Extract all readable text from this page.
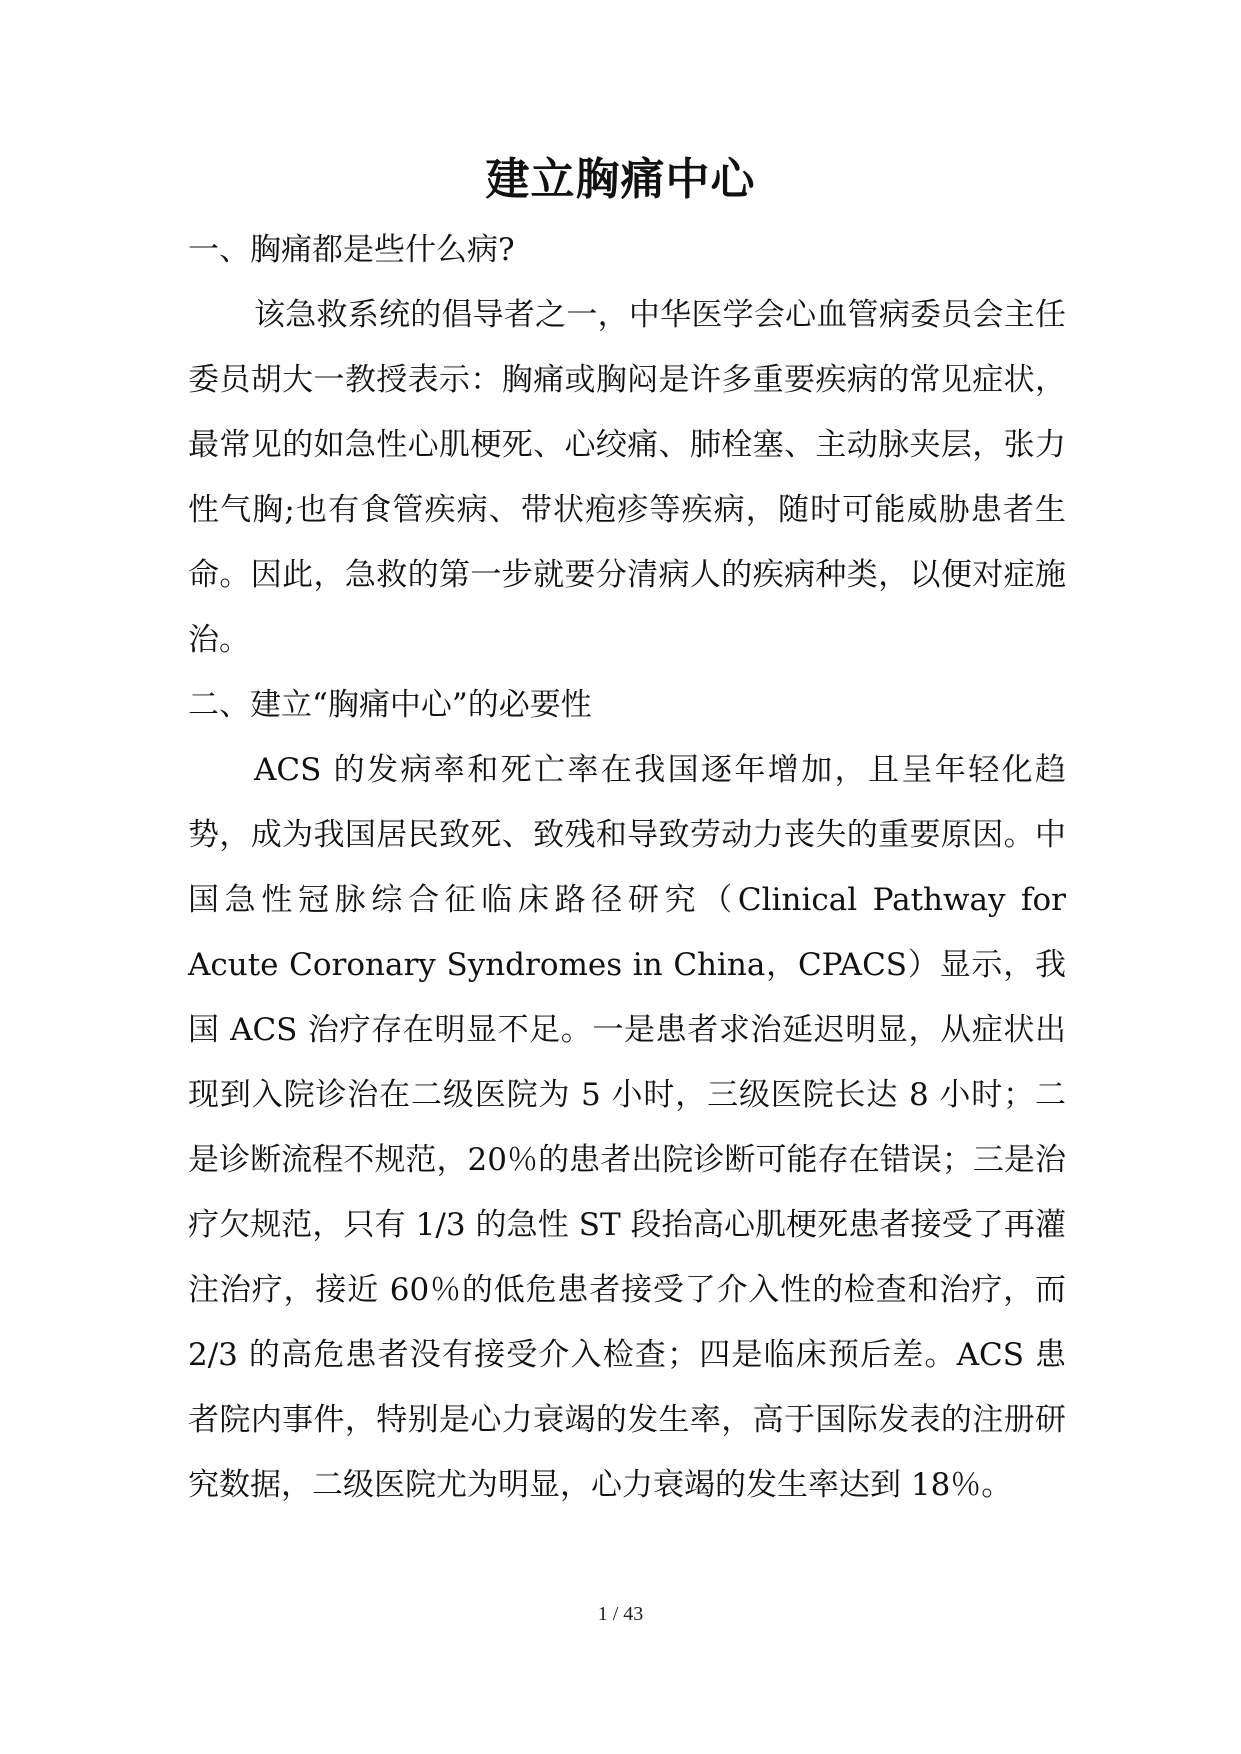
建立胸痛中心
一、胸痛都是些什么病?

该急救系统的倡导者之一，中华医学会心血管病委员会主任委员胡大一教授表示：胸痛或胸闷是许多重要疾病的常见症状，最常见的如急性心肌梗死、心绞痛、肺栓塞、主动脉夹层，张力性气胸;也有食管疾病、带状疱疹等疾病，随时可能威胁患者生命。因此，急救的第一步就要分清病人的疾病种类，以便对症施治。

二、建立“胸痛中心”的必要性

ACS 的发病率和死亡率在我国逐年增加，且呈年轻化趋势，成为我国居民致死、致残和导致劳动力丧失的重要原因。中国急性冠脉综合征临床路径研究（Clinical Pathway for Acute Coronary Syndromes in China，CPACS）显示，我国 ACS 治疗存在明显不足。一是患者求治延迟明显，从症状出现到入院诊治在二级医院为 5 小时，三级医院长达 8 小时；二是诊断流程不规范，20％的患者出院诊断可能存在错误；三是治疗欠规范，只有 1/3 的急性 ST 段抬高心肌梗死患者接受了再灌注治疗，接近 60％的低危患者接受了介入性的检查和治疗，而 2/3 的高危患者没有接受介入检查；四是临床预后差。ACS 患者院内事件，特别是心力衰竭的发生率，高于国际发表的注册研究数据，二级医院尤为明显，心力衰竭的发生率达到 18％。

1 / 43
